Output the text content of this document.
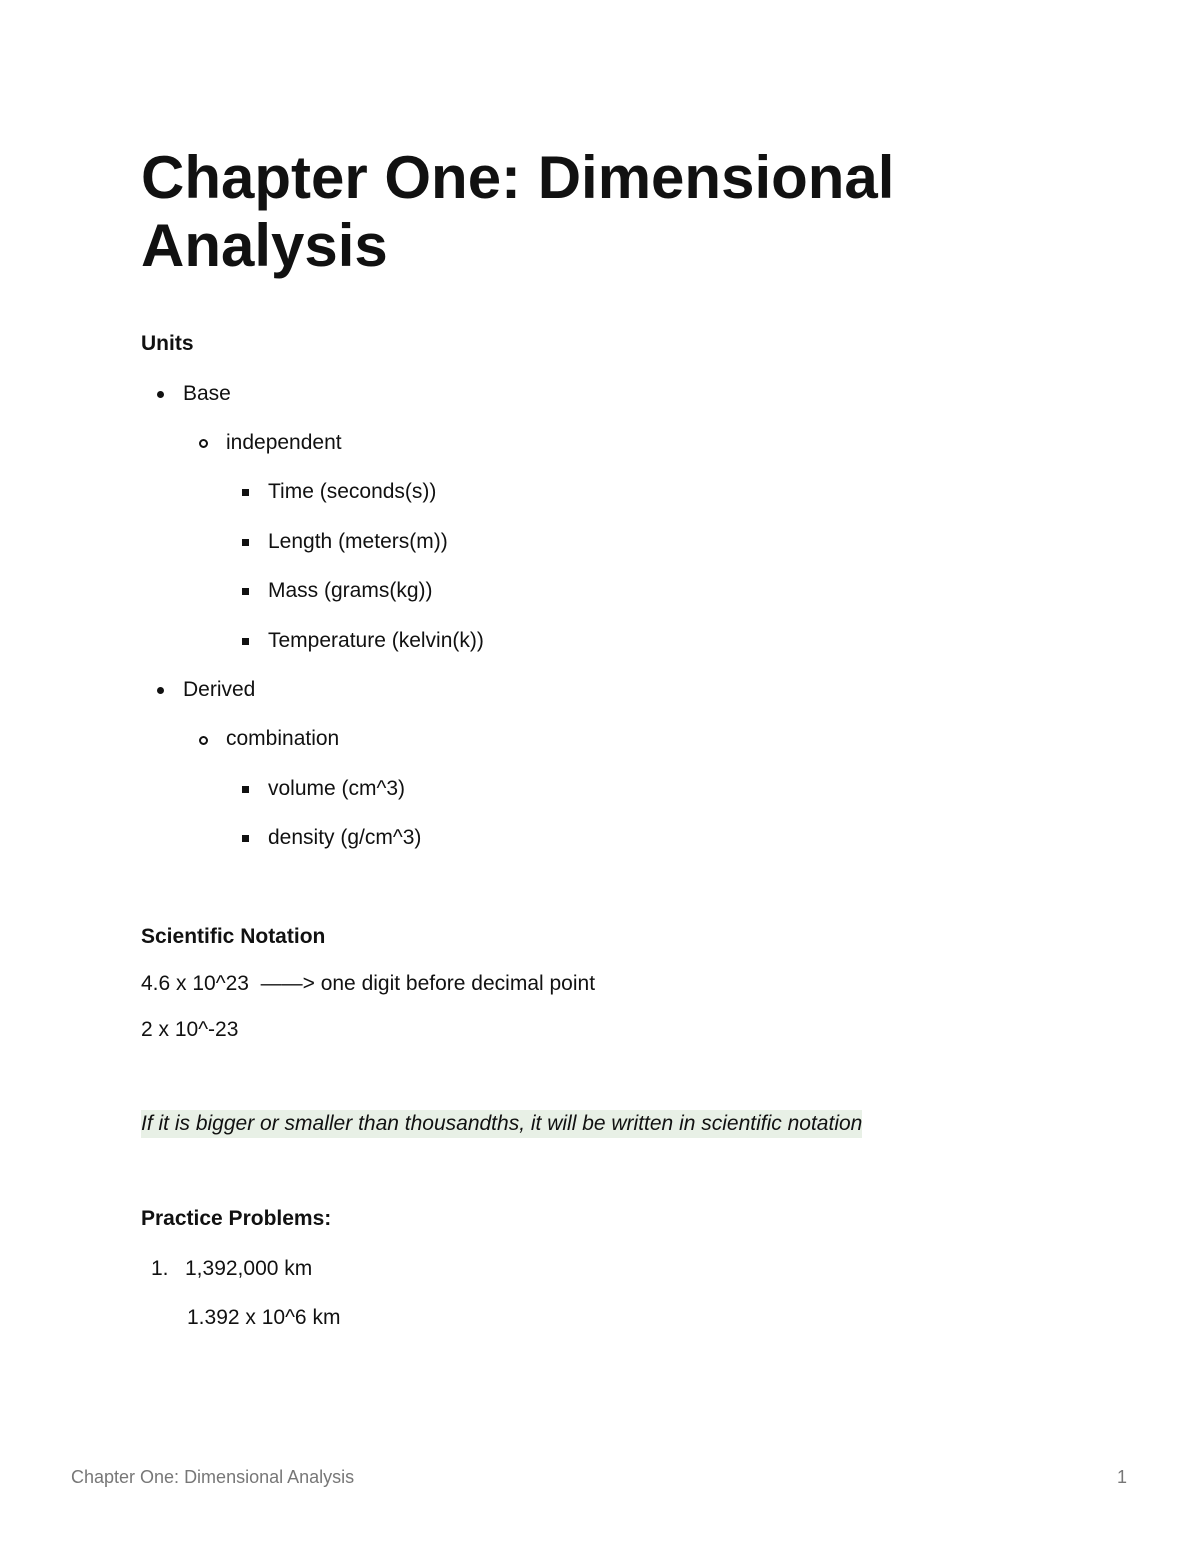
Chapter One: Dimensional Analysis
Units

Base

independent

Time (seconds(s))

Length (meters(m))

Mass (grams(kg))

Temperature (kelvin(k))

Derived

combination

volume (cm^3)

density (g/cm^3)

Scientific Notation

4.6 x 10^23  ——> one digit before decimal point

2 x 10^-23

If it is bigger or smaller than thousandths, it will be written in scientific notation

Practice Problems:
1. 1,392,000 km

1.392 x 10^6 km

Chapter One: Dimensional Analysis	1
